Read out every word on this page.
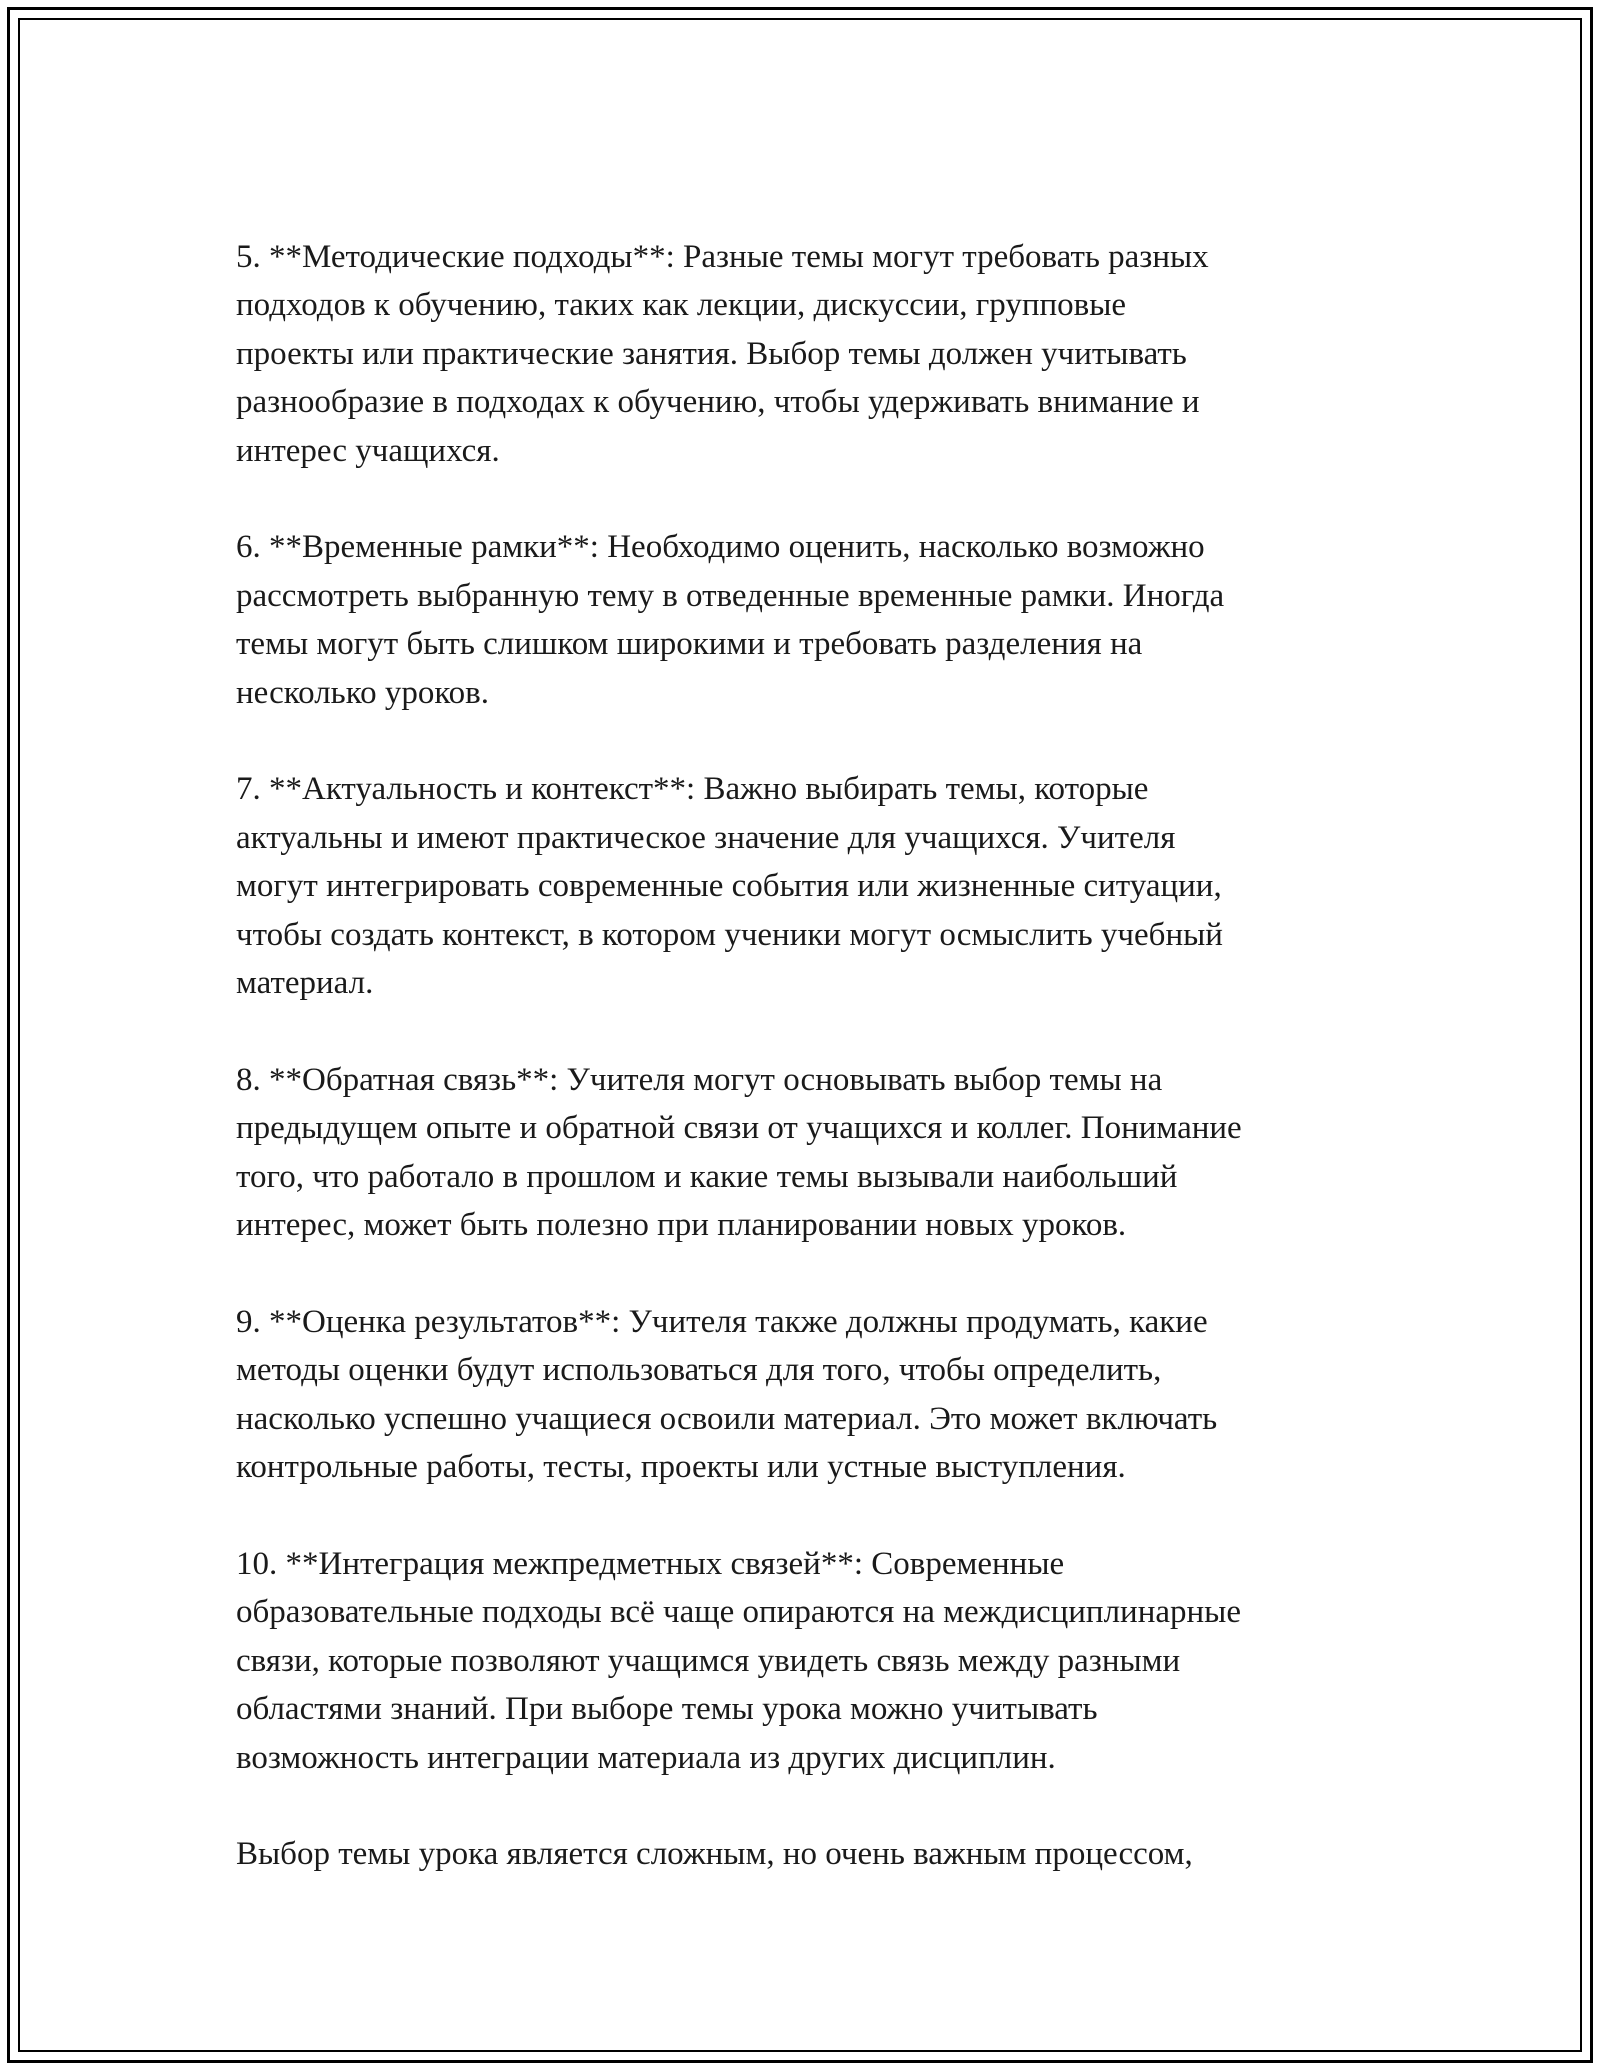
5. **Методические подходы**: Разные темы могут требовать разных
подходов к обучению, таких как лекции, дискуссии, групповые
проекты или практические занятия. Выбор темы должен учитывать
разнообразие в подходах к обучению, чтобы удерживать внимание и
интерес учащихся.

6. **Временные рамки**: Необходимо оценить, насколько возможно
рассмотреть выбранную тему в отведенные временные рамки. Иногда
темы могут быть слишком широкими и требовать разделения на
несколько уроков.

7. **Актуальность и контекст**: Важно выбирать темы, которые
актуальны и имеют практическое значение для учащихся. Учителя
могут интегрировать современные события или жизненные ситуации,
чтобы создать контекст, в котором ученики могут осмыслить учебный
материал.

8. **Обратная связь**: Учителя могут основывать выбор темы на
предыдущем опыте и обратной связи от учащихся и коллег. Понимание
того, что работало в прошлом и какие темы вызывали наибольший
интерес, может быть полезно при планировании новых уроков.

9. **Оценка результатов**: Учителя также должны продумать, какие
методы оценки будут использоваться для того, чтобы определить,
насколько успешно учащиеся освоили материал. Это может включать
контрольные работы, тесты, проекты или устные выступления.

10. **Интеграция межпредметных связей**: Современные
образовательные подходы всё чаще опираются на междисциплинарные
связи, которые позволяют учащимся увидеть связь между разными
областями знаний. При выборе темы урока можно учитывать
возможность интеграции материала из других дисциплин.

Выбор темы урока является сложным, но очень важным процессом,
